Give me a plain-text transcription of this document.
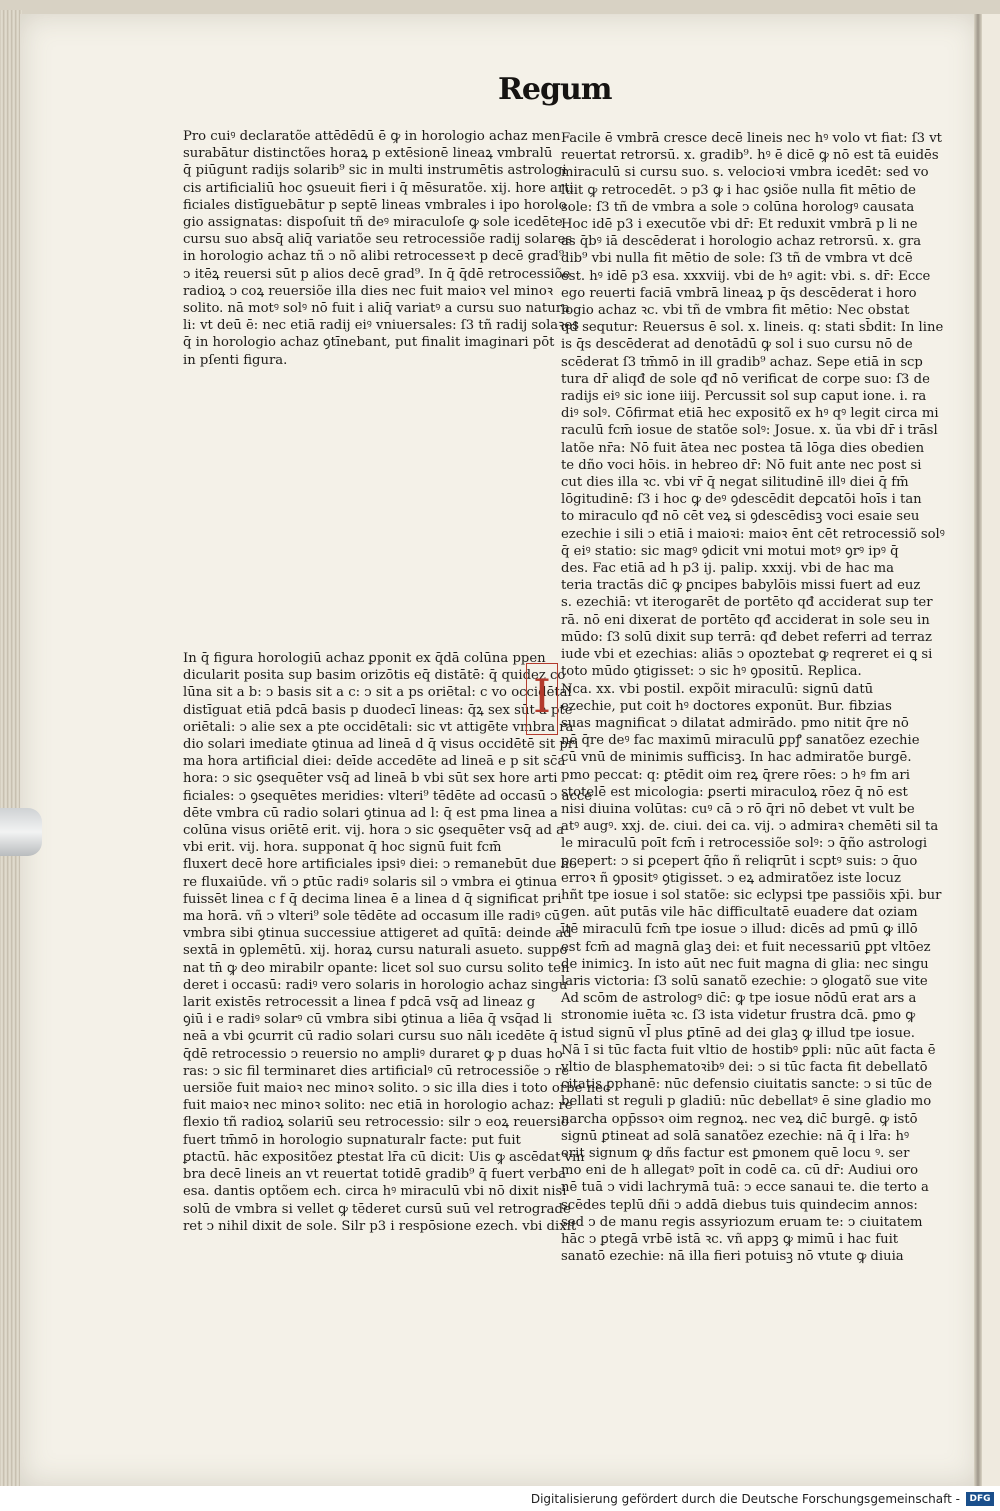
Regum
Pro cuiꝰ declaratõe attēdēdū ē ꝙ in horologio achaz men
surabātur distinctões horaꝝ p extēsionē lineaꝝ vmbralū
q̄ piūgunt radijs solarib⁹ sic in multi instrumētis astrologi
cis artificialiū hoc ꝯsueuit fieri i q̄ mēsuratõe. xij. hore arti
ficiales distīguebātur p septē lineas vmbrales i ipo horolo
gio assignatas: dispoſuit tñ deꝰ miraculoſe ꝙ sole icedēte
cursu suo absq̄ aliq̄ variatõe seu retrocessiõe radij solares
in horologio achaz tñ ↄ nõ alibi retrocesseꝛt p decē grad⁹
ↄ itēꝝ reuersi sūt p alios decē grad⁹. In q̄ q̄dē retrocessiõe
radioꝝ ↄ coꝝ reuersiõe illa dies nec fuit maioꝛ vel minoꝛ
solito. nā motꝰ solꝰ nō fuit i aliq̄ variatꝰ a cursu suo natura
li: vt deū ē: nec etiā radij eiꝰ vniuersales: ſ3 tñ radij solaꝛes
q̄ in horologio achaz ꝯtīnebant, put finalit imaginari pōt
in pſenti figura.
In q̄ figura horologiū achaz ꝑponit ex q̄dā colūna ppen
dicularit posita sup basim orizōtis eq̄ distātē: q̄ quidez co
lūna sit a b: ↄ basis sit a c: ↄ sit a ps oriētal: c vo occidētal
distīguat etiā pdcā basis p duodecī lineas: q̄ꝝ sex sūt a pte
oriētali: ↄ alie sex a pte occidētali: sic vt attigēte vmbra ra
dio solari imediate ꝯtinua ad lineā d q̄ visus occidētē sit pri
ma hora artificial diei: deīde accedēte ad lineā e p sit sc̄a
hora: ↄ sic ꝯsequēter vsq̄ ad lineā b vbi sūt sex hore arti
ficiales: ↄ ꝯsequētes meridies: vlteri⁹ tēdēte ad occasū ↄ acce
dēte vmbra cū radio solari ꝯtinua ad l: q̄ est pma linea a
colūna visus oriētē erit. vij. hora ↄ sic ꝯsequēter vsq̄ ad a
vbi erit. vij. hora. supponat q̄ hoc signū fuit fcm̄
fluxert decē hore artificiales ipsiꝰ diei: ↄ remanebūt due ho
re fluxaiūde. vñ ↄ ꝑtūc radiꝰ solaris sil ↄ vmbra ei ꝯtinua
fuissēt linea c f q̄ decima linea ē a linea d q̄ significat pri
ma horā. vñ ↄ vlteri⁹ sole tēdēte ad occasum ille radiꝰ cū
vmbra sibi ꝯtinua successiue attigeret ad quītā: deinde ad
sextā in ꝯplemētū. xij. horaꝝ cursu naturali asueto. suppo
nat tn̄ ꝙ deo mirabilr opante: licet sol suo cursu solito ten
deret i occasū: radiꝰ vero solaris in horologio achaz singu
larit existēs retrocessit a linea f pdcā vsq̄ ad lineaz g
ꝯiū i e radiꝰ solarꝰ cū vmbra sibi ꝯtinua a liēa q̄ vsq̄ad li
neā a vbi ꝯcurrit cū radio solari cursu suo nālı icedēte q̄
q̄dē retrocessio ↄ reuersio no ampliꝰ duraret ꝙ p duas ho
ras: ↄ sic fil terminaret dies artificialꝰ cū retrocessiõe ↄ re
uersiõe fuit maioꝛ nec minoꝛ solito. ↄ sic illa dies i toto orbe nec
fuit maioꝛ nec minoꝛ solito: nec etiā in horologio achaz: re
flexio tñ radioꝝ solariū seu retrocessio: silr ↄ eoꝝ reuersio
fuert tm̄mō in horologio supnaturalr facte: put fuit
ꝑtactū. hāc expositõez ꝑtestat lr̄a cū dicit: Uis ꝙ ascēdat vm
bra decē lineis an vt reuertat totidē gradib⁹ q̄ fuert verba
esa. dantis optõem ech. circa hꝰ miraculū vbi nō dixit nisi
solū de vmbra si vellet ꝙ tēderet cursū suū vel retrograde
ret ↄ nihil dixit de sole. Silr p3 i respōsione ezech. vbi dixit
Facile ē vmbrā cresce decē lineis nec hꝰ volo vt fiat: ſ3 vt
reuertat retrorsū. x. gradib⁹. hꝰ ē dicē ꝙ nō est tā euidēs
miraculū si cursu suo. s. velocioꝛi vmbra icedēt: sed vo
luit ꝙ retrocedēt. ↄ p3 ꝙ i hac ꝯsiõe nulla fit mētio de
sole: ſ3 tñ de vmbra a sole ↄ colūna horologꝰ causata
Hoc idē p3 i executõe vbi dr̄: Et reduxit vmbrā p li ne
as q̄bꝰ iā descēderat i horologio achaz retrorsū. x. gra
dib⁹ vbi nulla fit mētio de sole: ſ3 tñ de vmbra vt dcē
est. hꝰ idē p3 esa. xxxviij. vbi de hꝰ agit: vbi. s. dr̄: Ecce
ego reuerti faciā vmbrā lineaꝝ p q̄s descēderat i horo
logio achaz ꝛc. vbi tñ de vmbra fit mētio: Nec obstat
qđ sequtur: Reuersus ē sol. x. lineis. q: stati sb̄dit: In line
is q̄s descēderat ad denotādū ꝙ sol i suo cursu nō de
scēderat ſ3 tm̄mō in ill gradib⁹ achaz. Sepe etiā in scp
tura dr̄ aliqđ de sole qđ nō verificat de corpe suo: ſ3 de
radijs eiꝰ sic ione iiij. Percussit sol sup caput ione. i. ra
diꝰ solꝰ. Cōfirmat etiā hec expositõ ex hꝰ qꝰ legit circa mi
raculū fcm̄ iosue de statõe solꝰ: Josue. x. ŭa vbi dr̄ i trāsl
latõe nr̄a: Nō fuit ātea nec postea tā lōga dies obedien
te dño voci hōis. in hebreo dr̄: Nō fuit ante nec post si
cut dies illa ꝛc. vbi vr̄ q̄ negat silitudinē illꝰ diei q̄ fm̄
lōgitudinē: ſ3 i hoc ꝙ deꝰ ꝯdescēdit deꝑcatōi hoīs i tan
to miraculo qđ nō cēt veꝝ si ꝯdescēdisꝫ voci esaie seu
ezechie i sili ↄ etiā i maioꝛi: maioꝛ ēnt cēt retrocessiõ solꝰ
q̄ eiꝰ statio: sic magꝰ ꝯdicit vni motui motꝰ ꝯrꝰ ipꝰ q̄
des. Fac etiā ad h p3 ij. palip. xxxij. vbi de hac ma
teria tractās dic̄ ꝙ ꝑncipes babylōis missi fuert ad euz
s. ezechiā: vt iterogarēt de portēto qđ acciderat sup ter
rā. nō eni dixerat de portēto qđ acciderat in sole seu in
mūdo: ſ3 solū dixit sup terrā: qđ debet referri ad terraz
iude vbi et ezechias: aliās ↄ opoztebat ꝙ reqreret ei ꝗ si
toto mūdo ꝯtigisset: ↄ sic hꝰ ꝯpositū. Replica.
Nca. xx. vbi postil. expõit miraculū: signū datū
ezechie, put coit hꝰ doctores exponūt. Bur. fibzias
suas magnificat ↄ dilatat admirādo. pmo nitit q̄re nō
nē q̄re deꝰ fac maximū miraculū ꝑpꝭ sanatõez ezechie
cū vnū de minimis sufficisꝫ. In hac admiratõe burgē.
pmo peccat: q: ꝑtēdit oim reꝝ q̄rere rōes: ↄ hꝰ fm ari
stotelē est micologia: ꝑserti miraculoꝝ rōez q̄ nō est
nisi diuina volūtas: cuꝰ cā ↄ rō q̄ri nō debet vt vult be
atꝰ augꝰ. xxj. de. ciui. dei ca. vij. ↄ admiraꝛ chemēti sil ta
le miraculū poīt fcm̄ i retrocessiõe solꝰ: ↄ q̄ño astrologi
ꝑcepert: ↄ si ꝑcepert q̄ño ñ reliqrūt i scptꝰ suis: ↄ q̄uo
erroꝛ ñ ꝯpositꝰ ꝯtigisset. ↄ eꝝ admiratõez iste locuz
hñt tpe iosue i sol statõe: sic eclypsi tpe passiõis xp̄i. bur
gen. aūt putās vile hāc difficultatē euadere dat oziam
ītē miraculū fcm̄ tpe iosue ↄ illud: dicēs ad pmū ꝙ illō
est fcm̄ ad magnā glaꝫ dei: et fuit necessariū ꝑpt vltōez
de inimicꝫ. In isto aūt nec fuit magna di glia: nec singu
laris victoria: ſ3 solū sanatõ ezechie: ↄ ꝯlogatõ sue vite
Ad scōm de astrologꝰ dic̄: ꝙ tpe iosue nōdū erat ars a
stronomie iuēta ꝛc. ſ3 ista videtur frustra dcā. ꝑmo ꝙ
istud signū vl̄ plus ꝑtīnē ad dei glaꝫ ꝙ illud tpe iosue.
Nā ī si tūc facta fuit vltio de hostibꝰ ꝑpli: nūc aūt facta ē
vltio de blasphematoꝛibꝰ dei: ↄ si tūc facta fit debellatō
citatis ꝑphanē: nūc defensio ciuitatis sancte: ↄ si tūc de
bellati st reguli p gladiū: nūc debellatꝰ ē sine gladio mo
narcha opp̄ssoꝛ oim regnoꝝ. nec veꝝ dic̄ burgē. ꝙ istō
signū ꝑtineat ad solā sanatõez ezechie: nā q̄ i lr̄a: hꝰ
erit signum ꝙ dñs factur est ꝑmonem quē locu ꝰ. ser
mo eni de h allegatꝰ poīt in codē ca. cū dr̄: Audiui oro
nē tuā ↄ vidi lachrymā tuā: ↄ ecce sanaui te. die terto a
scēdes teplū dñi ↄ addā diebus tuis quindecim annos:
sed ↄ de manu regis assyriozum eruam te: ↄ ciuitatem
hāc ↄ ꝑtegā vrbē istā ꝛc. vñ appꝫ ꝙ mimū i hac fuit
sanatō ezechie: nā illa fieri potuisꝫ nō vtute ꝙ diuia
I
Digitalisierung gefördert durch die Deutsche Forschungsgemeinschaft -	DFG
